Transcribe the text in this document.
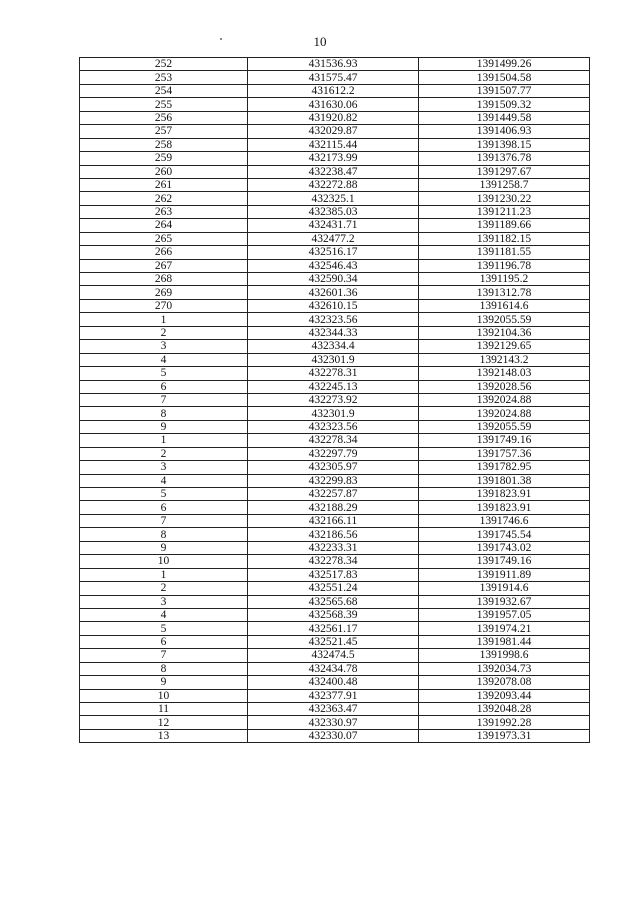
10
252	431536.93	1391499.26
253	431575.47	1391504.58
254	431612.2	1391507.77
255	431630.06	1391509.32
256	431920.82	1391449.58
257	432029.87	1391406.93
258	432115.44	1391398.15
259	432173.99	1391376.78
260	432238.47	1391297.67
261	432272.88	1391258.7
262	432325.1	1391230.22
263	432385.03	1391211.23
264	432431.71	1391189.66
265	432477.2	1391182.15
266	432516.17	1391181.55
267	432546.43	1391196.78
268	432590.34	1391195.2
269	432601.36	1391312.78
270	432610.15	1391614.6
1	432323.56	1392055.59
2	432344.33	1392104.36
3	432334.4	1392129.65
4	432301.9	1392143.2
5	432278.31	1392148.03
6	432245.13	1392028.56
7	432273.92	1392024.88
8	432301.9	1392024.88
9	432323.56	1392055.59
1	432278.34	1391749.16
2	432297.79	1391757.36
3	432305.97	1391782.95
4	432299.83	1391801.38
5	432257.87	1391823.91
6	432188.29	1391823.91
7	432166.11	1391746.6
8	432186.56	1391745.54
9	432233.31	1391743.02
10	432278.34	1391749.16
1	432517.83	1391911.89
2	432551.24	1391914.6
3	432565.68	1391932.67
4	432568.39	1391957.05
5	432561.17	1391974.21
6	432521.45	1391981.44
7	432474.5	1391998.6
8	432434.78	1392034.73
9	432400.48	1392078.08
10	432377.91	1392093.44
11	432363.47	1392048.28
12	432330.97	1391992.28
13	432330.07	1391973.31
